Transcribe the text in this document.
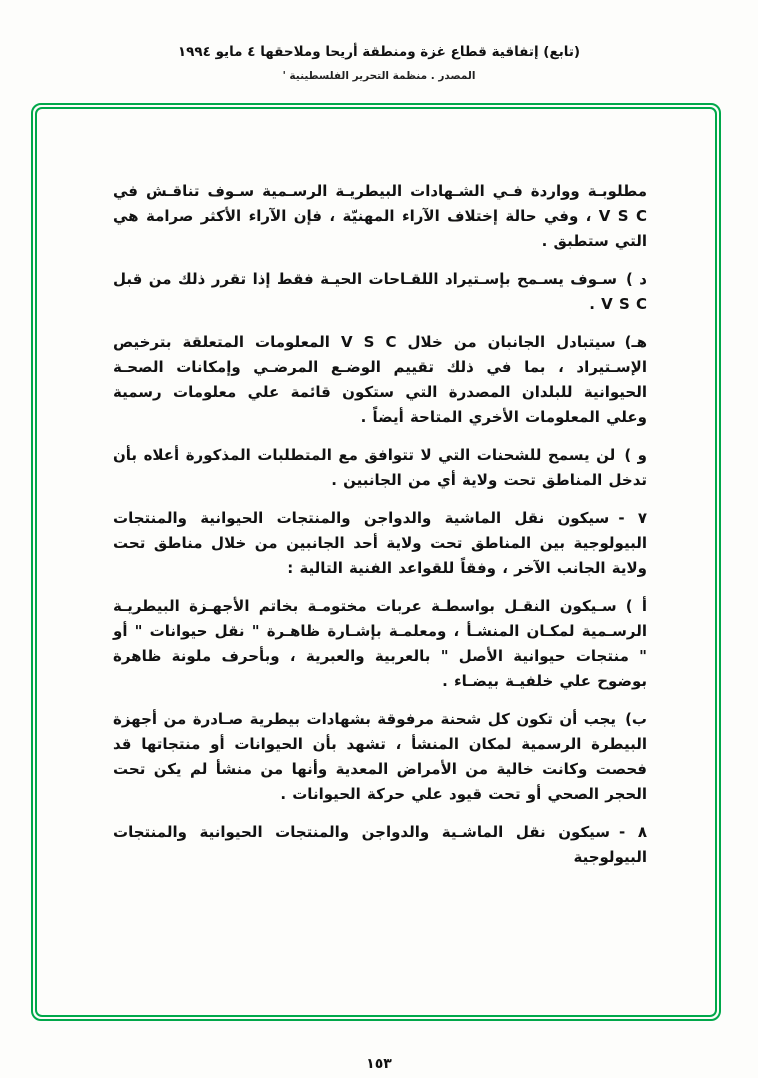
(تابع) إتفاقية قطاع غزة ومنطقة أريحا وملاحقها ٤ مايو ١٩٩٤
المصدر . منظمة التحرير الفلسطينية '

مطلوبـة وواردة فـي الشـهادات البيطريـة الرسـمية سـوف تناقـش في V S C ، وفي حالة إختلاف الآراء المهنيّة ، فإن الآراء الأكثر صرامة هي التي ستطبق .

د )سـوف يسـمح بإسـتيراد اللقـاحات الحيـة فقط إذا تقرر ذلك من قبل V S C .

هـ)سيتبادل الجانبان من خلال V S C المعلومات المتعلقة بترخيص الإسـتيراد ، بما في ذلك تقييم الوضـع المرضـي وإمكانات الصحـة الحيوانية للبلدان المصدرة التي ستكون قائمة علي معلومات رسمية وعلي المعلومات الأخري المتاحة أيضاً .

و )لن يسمح للشحنات التي لا تتوافق مع المتطلبات المذكورة أعلاه بأن تدخل المناطق تحت ولاية أي من الجانبين .

٧ -سيكون نقل الماشية والدواجن والمنتجات الحيوانية والمنتجات البيولوجية بين المناطق تحت ولاية أحد الجانبين من خلال مناطق تحت ولاية الجانب الآخر ، وفقاً للقواعد الفنية التالية :

أ )سـيكون النقـل بواسطـة عربات مختومـة بخاتم الأجهـزة البيطريـة الرسـمية لمكـان المنشـأ ، ومعلمـة بإشـارة ظاهـرة " نقل حيوانات " أو " منتجات حيوانية الأصل " بالعربية والعبرية ، وبأحرف ملونة ظاهرة بوضوح علي خلفيـة بيضـاء .

ب)يجب أن تكون كل شحنة مرفوقة بشهادات بيطرية صـادرة من أجهزة البيطرة الرسمية لمكان المنشأ ، تشهد بأن الحيوانات أو منتجاتها قد فحصت وكانت خالية من الأمراض المعدية وأنها من منشأ لم يكن تحت الحجر الصحي أو تحت قيود علي حركة الحيوانات .

٨ -سيكون نقل الماشـية والدواجن والمنتجات الحيوانية والمنتجات البيولوجية

١٥٣
